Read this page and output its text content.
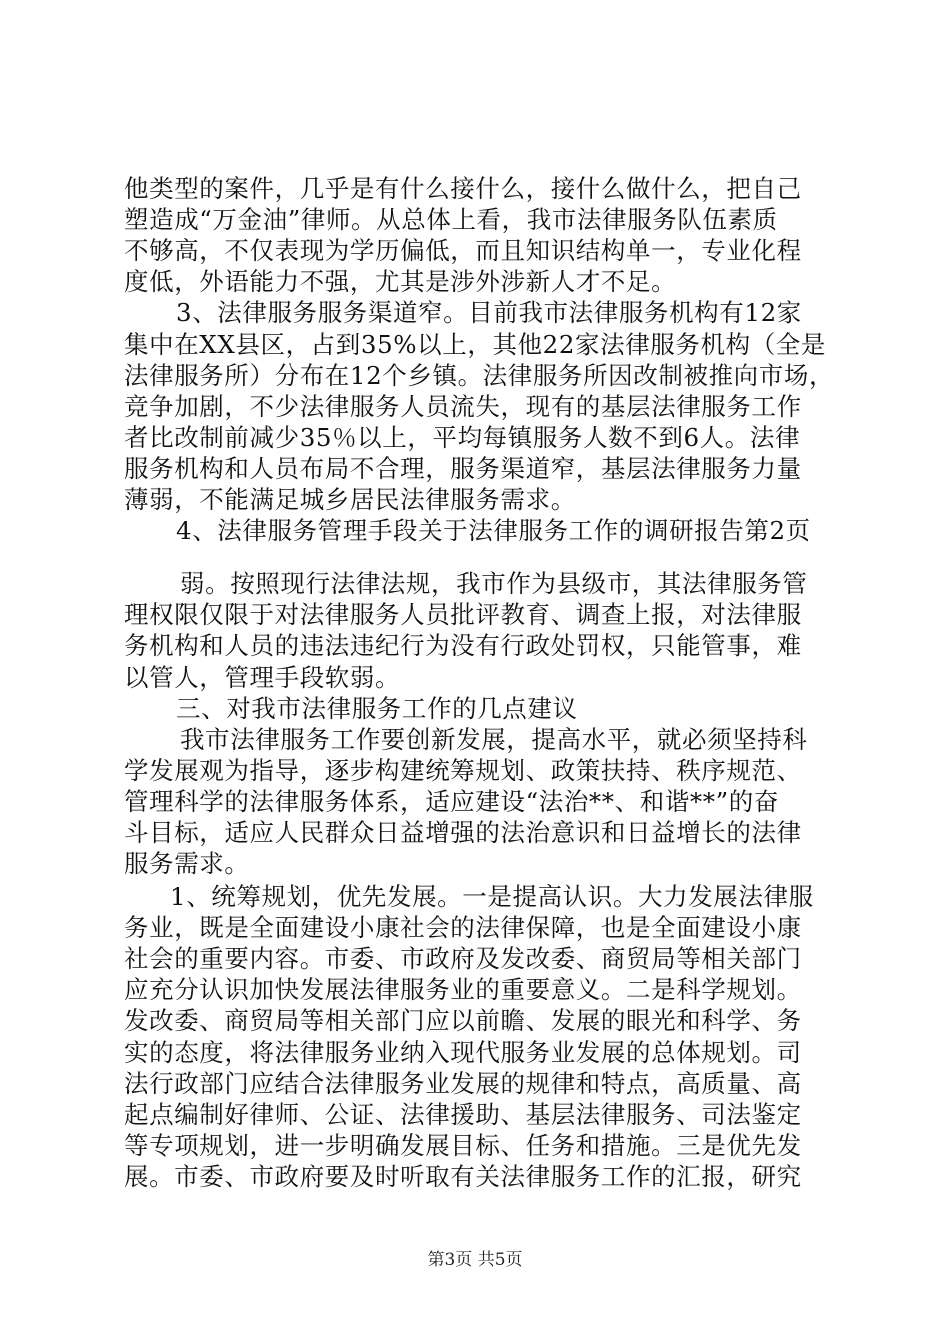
他类型的案件，几乎是有什么接什么，接什么做什么，把自己
塑造成“万金油”律师。从总体上看，我市法律服务队伍素质
不够高，不仅表现为学历偏低，而且知识结构单一，专业化程
度低，外语能力不强，尤其是涉外涉新人才不足。
3、法律服务服务渠道窄。目前我市法律服务机构有12家
集中在XX县区，占到35%以上，其他22家法律服务机构（全是
法律服务所）分布在12个乡镇。法律服务所因改制被推向市场，
竞争加剧，不少法律服务人员流失，现有的基层法律服务工作
者比改制前减少35％以上，平均每镇服务人数不到6人。法律
服务机构和人员布局不合理，服务渠道窄，基层法律服务力量
薄弱，不能满足城乡居民法律服务需求。
4、法律服务管理手段关于法律服务工作的调研报告第2页
弱。按照现行法律法规，我市作为县级市，其法律服务管
理权限仅限于对法律服务人员批评教育、调查上报，对法律服
务机构和人员的违法违纪行为没有行政处罚权，只能管事，难
以管人，管理手段软弱。
三、对我市法律服务工作的几点建议
我市法律服务工作要创新发展，提高水平，就必须坚持科
学发展观为指导，逐步构建统筹规划、政策扶持、秩序规范、
管理科学的法律服务体系，适应建设“法治**、和谐**”的奋
斗目标，适应人民群众日益增强的法治意识和日益增长的法律
服务需求。
1、统筹规划，优先发展。一是提高认识。大力发展法律服
务业，既是全面建设小康社会的法律保障，也是全面建设小康
社会的重要内容。市委、市政府及发改委、商贸局等相关部门
应充分认识加快发展法律服务业的重要意义。二是科学规划。
发改委、商贸局等相关部门应以前瞻、发展的眼光和科学、务
实的态度，将法律服务业纳入现代服务业发展的总体规划。司
法行政部门应结合法律服务业发展的规律和特点，高质量、高
起点编制好律师、公证、法律援助、基层法律服务、司法鉴定
等专项规划，进一步明确发展目标、任务和措施。三是优先发
展。市委、市政府要及时听取有关法律服务工作的汇报，研究
第3页 共5页
